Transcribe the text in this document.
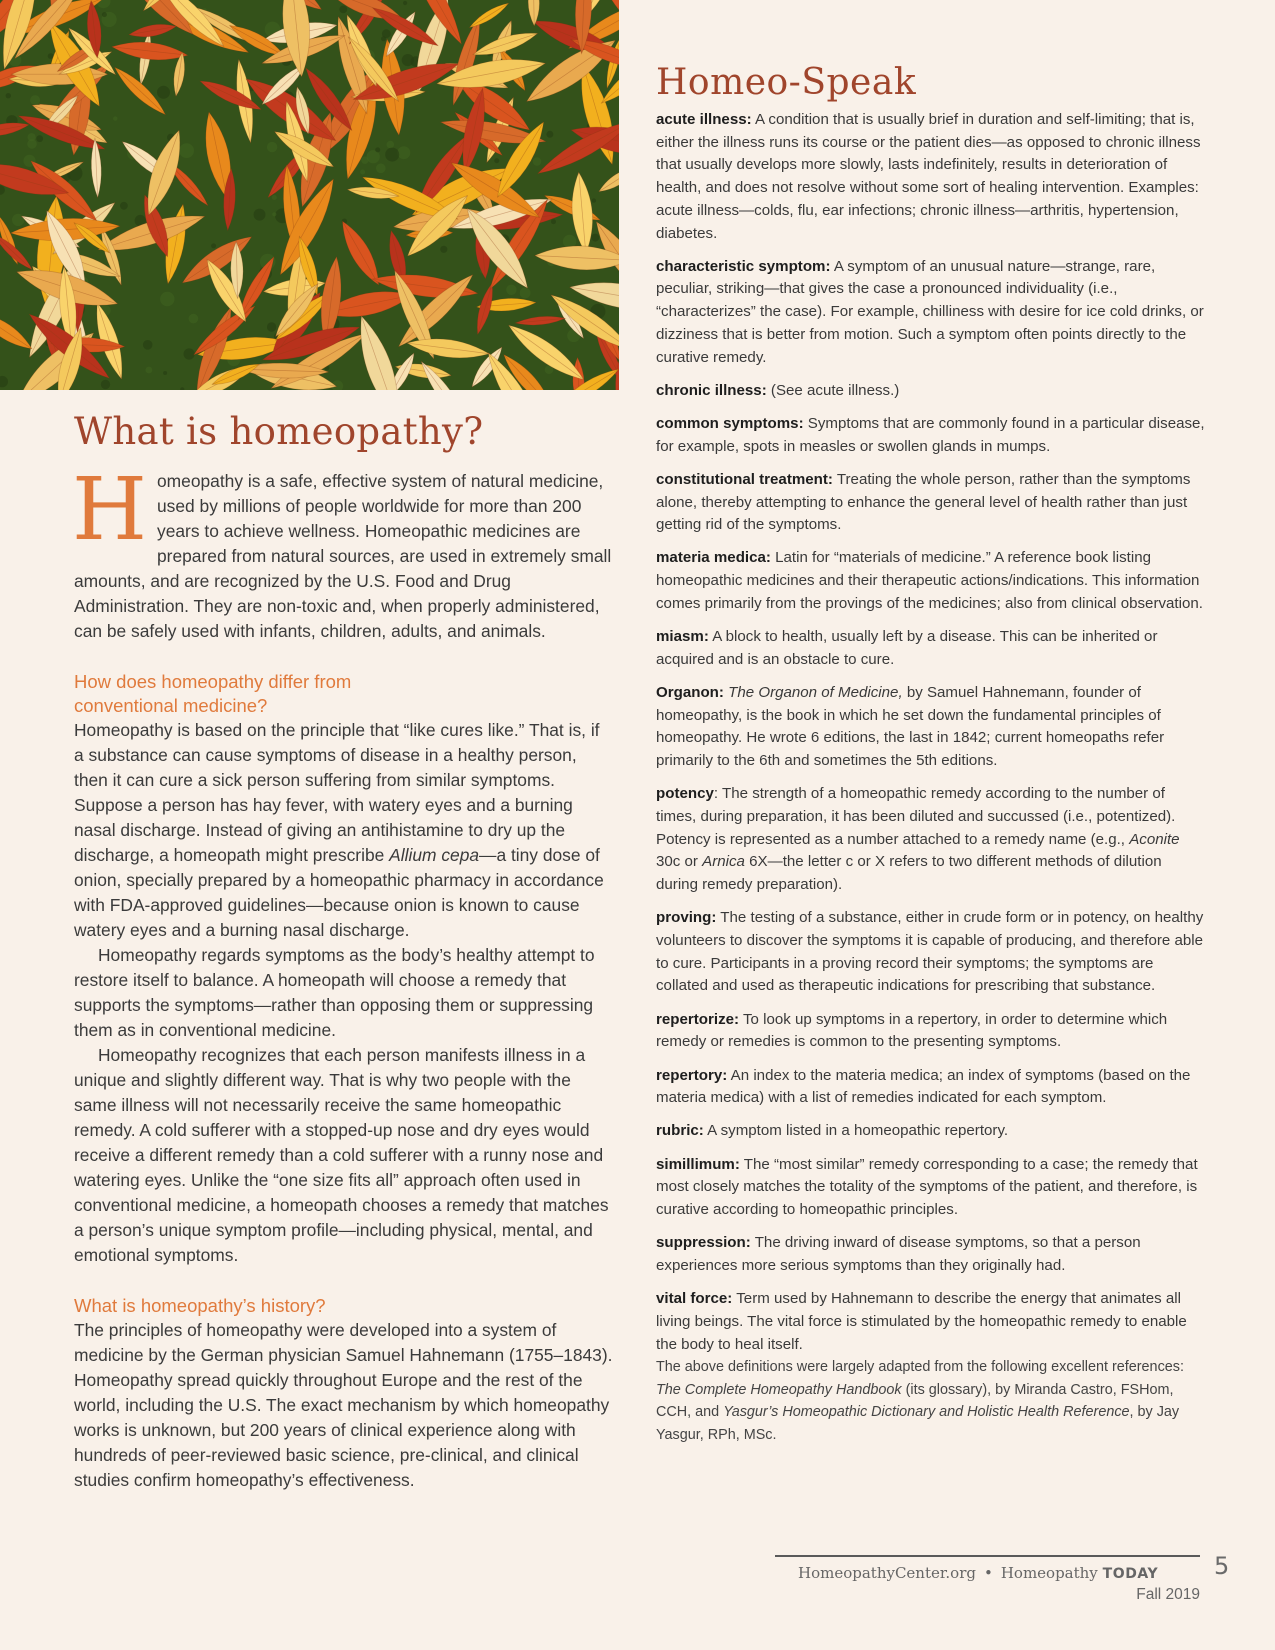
What is homeopathy?

Homeopathy is a safe, effective system of natural medicine, used by millions of people worldwide for more than 200 years to achieve wellness. Homeopathic medicines are prepared from natural sources, are used in extremely small amounts, and are recognized by the U.S. Food and Drug Administration. They are non-toxic and, when properly administered, can be safely used with infants, children, adults, and animals.

How does homeopathy differ from
conventional medicine?

Homeopathy is based on the principle that “like cures like.” That is, if a substance can cause symptoms of disease in a healthy person, then it can cure a sick person suffering from similar symptoms. Suppose a person has hay fever, with watery eyes and a burning nasal discharge. Instead of giving an antihistamine to dry up the discharge, a homeopath might prescribe Allium cepa—a tiny dose of onion, specially prepared by a homeopathic pharmacy in accordance with FDA-approved guidelines—because onion is known to cause watery eyes and a burning nasal discharge.

Homeopathy regards symptoms as the body’s healthy attempt to restore itself to balance. A homeopath will choose a remedy that supports the symptoms—rather than opposing them or suppressing them as in conventional medicine.

Homeopathy recognizes that each person manifests illness in a unique and slightly different way. That is why two people with the same illness will not necessarily receive the same homeopathic remedy. A cold sufferer with a stopped-up nose and dry eyes would receive a different remedy than a cold sufferer with a runny nose and watering eyes. Unlike the “one size fits all” approach often used in conventional medicine, a homeopath chooses a remedy that matches a person’s unique symptom profile—including physical, mental, and emotional symptoms.

What is homeopathy’s history?

The principles of homeopathy were developed into a system of medicine by the German physician Samuel Hahnemann (1755–1843). Homeopathy spread quickly throughout Europe and the rest of the world, including the U.S. The exact mechanism by which homeopathy works is unknown, but 200 years of clinical experience along with hundreds of peer-reviewed basic science, pre-clinical, and clinical studies confirm homeopathy’s effectiveness.

Homeo-Speak

acute illness: A condition that is usually brief in duration and self-limiting; that is, either the illness runs its course or the patient dies—as opposed to chronic illness that usually develops more slowly, lasts indefinitely, results in deterioration of health, and does not resolve without some sort of healing intervention. Examples: acute illness—colds, flu, ear infections; chronic illness—arthritis, hypertension, diabetes.

characteristic symptom: A symptom of an unusual nature—strange, rare, peculiar, striking—that gives the case a pronounced individuality (i.e., “characterizes” the case). For example, chilliness with desire for ice cold drinks, or dizziness that is better from motion. Such a symptom often points directly to the curative remedy.

chronic illness: (See acute illness.)

common symptoms: Symptoms that are commonly found in a particular disease, for example, spots in measles or swollen glands in mumps.

constitutional treatment: Treating the whole person, rather than the symptoms alone, thereby attempting to enhance the general level of health rather than just getting rid of the symptoms.

materia medica: Latin for “materials of medicine.” A reference book listing homeopathic medicines and their therapeutic actions/indications. This information comes primarily from the provings of the medicines; also from clinical observation.

miasm: A block to health, usually left by a disease. This can be inherited or acquired and is an obstacle to cure.

Organon: The Organon of Medicine, by Samuel Hahnemann, founder of homeopathy, is the book in which he set down the fundamental principles of homeopathy. He wrote 6 editions, the last in 1842; current homeopaths refer primarily to the 6th and sometimes the 5th editions.

potency: The strength of a homeopathic remedy according to the number of times, during preparation, it has been diluted and succussed (i.e., potentized). Potency is represented as a number attached to a remedy name (e.g., Aconite 30c or Arnica 6X—the letter c or X refers to two different methods of dilution during remedy preparation).

proving: The testing of a substance, either in crude form or in potency, on healthy volunteers to discover the symptoms it is capable of producing, and therefore able to cure. Participants in a proving record their symptoms; the symptoms are collated and used as therapeutic indications for prescribing that substance.

repertorize: To look up symptoms in a repertory, in order to determine which remedy or remedies is common to the presenting symptoms.

repertory: An index to the materia medica; an index of symptoms (based on the materia medica) with a list of remedies indicated for each symptom.

rubric: A symptom listed in a homeopathic repertory.

simillimum: The “most similar” remedy corresponding to a case; the remedy that most closely matches the totality of the symptoms of the patient, and therefore, is curative according to homeopathic principles.

suppression: The driving inward of disease symptoms, so that a person experiences more serious symptoms than they originally had.

vital force: Term used by Hahnemann to describe the energy that animates all living beings. The vital force is stimulated by the homeopathic remedy to enable the body to heal itself.

The above definitions were largely adapted from the following excellent references: The Complete Homeopathy Handbook (its glossary), by Miranda Castro, FSHom, CCH, and Yasgur’s Homeopathic Dictionary and Holistic Health Reference, by Jay Yasgur, RPh, MSc.

HomeopathyCenter.org • Homeopathy TODAY
Fall 2019
5
